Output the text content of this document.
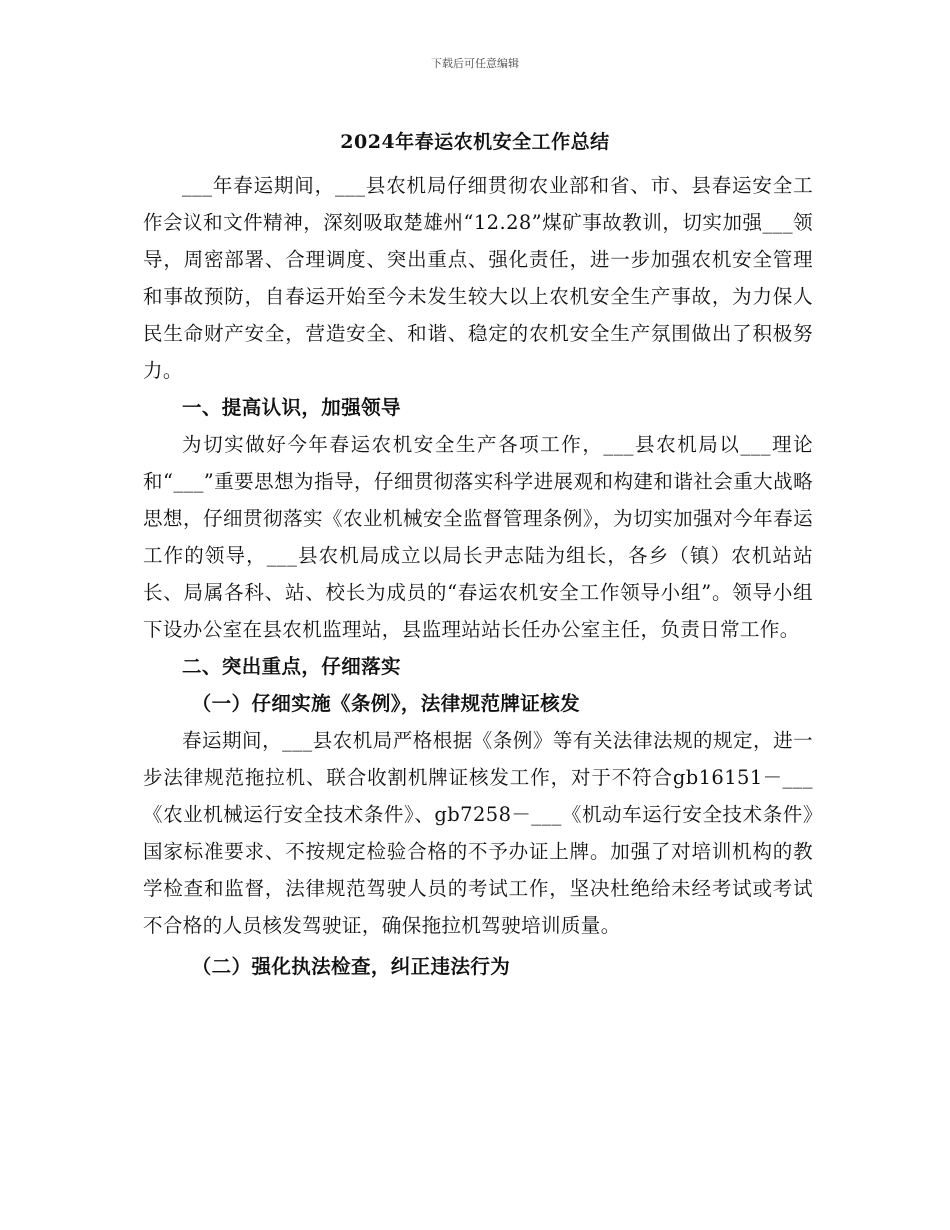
下载后可任意编辑
2024年春运农机安全工作总结

___年春运期间，___县农机局仔细贯彻农业部和省、市、县春运安全工作会议和文件精神，深刻吸取楚雄州“12.28”煤矿事故教训，切实加强___领导，周密部署、合理调度、突出重点、强化责任，进一步加强农机安全管理和事故预防，自春运开始至今未发生较大以上农机安全生产事故，为力保人民生命财产安全，营造安全、和谐、稳定的农机安全生产氛围做出了积极努力。

一、提高认识，加强领导

为切实做好今年春运农机安全生产各项工作，___县农机局以___理论和“___”重要思想为指导，仔细贯彻落实科学进展观和构建和谐社会重大战略思想，仔细贯彻落实《农业机械安全监督管理条例》，为切实加强对今年春运工作的领导，___县农机局成立以局长尹志陆为组长，各乡（镇）农机站站长、局属各科、站、校长为成员的“春运农机安全工作领导小组”。领导小组下设办公室在县农机监理站，县监理站站长任办公室主任，负责日常工作。

二、突出重点，仔细落实

（一）仔细实施《条例》，法律规范牌证核发

春运期间，___县农机局严格根据《条例》等有关法律法规的规定，进一步法律规范拖拉机、联合收割机牌证核发工作，对于不符合gb16151－___《农业机械运行安全技术条件》、gb7258－___《机动车运行安全技术条件》国家标准要求、不按规定检验合格的不予办证上牌。加强了对培训机构的教学检查和监督，法律规范驾驶人员的考试工作，坚决杜绝给未经考试或考试不合格的人员核发驾驶证，确保拖拉机驾驶培训质量。

（二）强化执法检查，纠正违法行为
